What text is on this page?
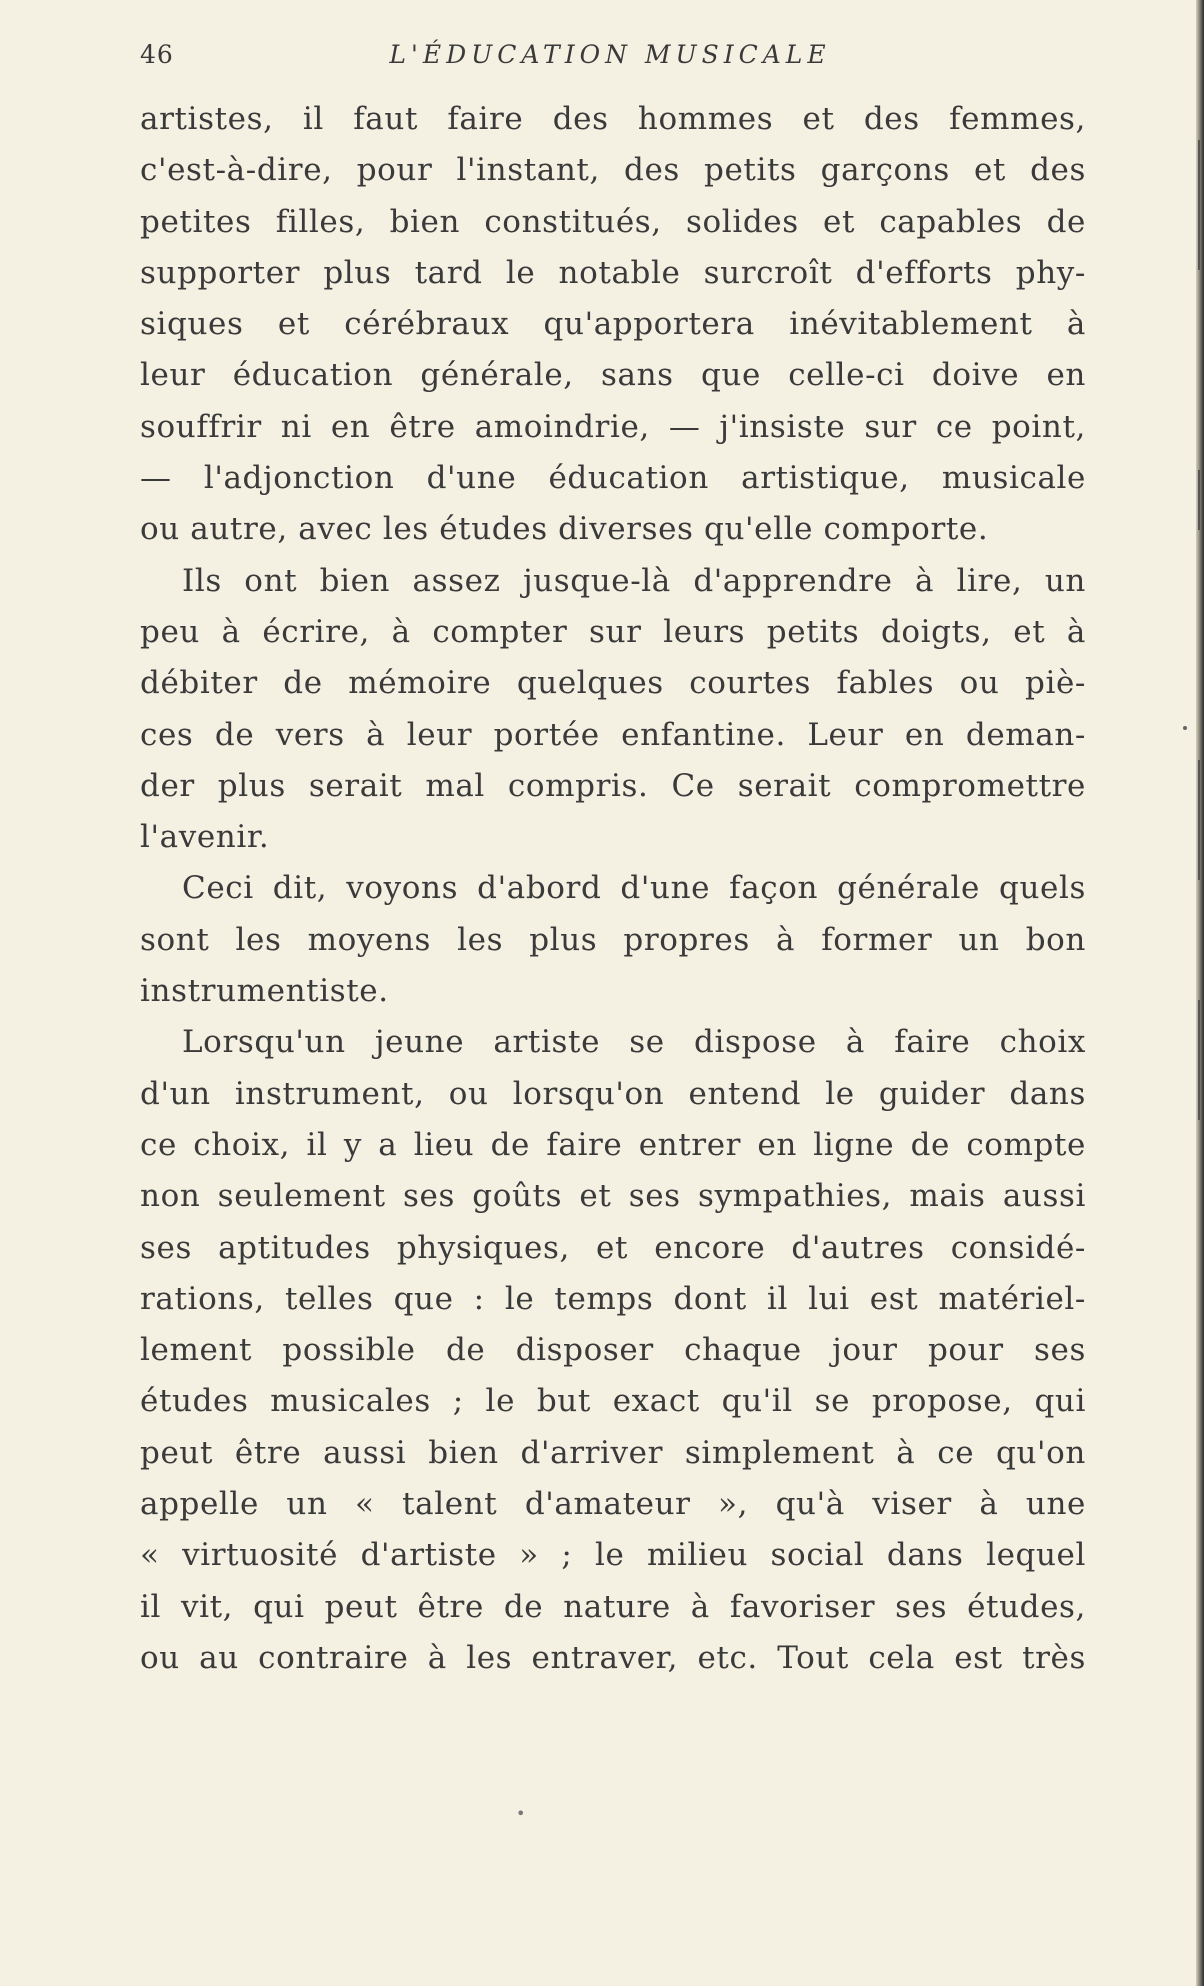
46	L'ÉDUCATION MUSICALE
artistes, il faut faire des hommes et des femmes,
c'est-à-dire, pour l'instant, des petits garçons et des
petites filles, bien constitués, solides et capables de
supporter plus tard le notable surcroît d'efforts phy-
siques et cérébraux qu'apportera inévitablement à
leur éducation générale, sans que celle-ci doive en
souffrir ni en être amoindrie, — j'insiste sur ce point,
— l'adjonction d'une éducation artistique, musicale
ou autre, avec les études diverses qu'elle comporte.
Ils ont bien assez jusque-là d'apprendre à lire, un
peu à écrire, à compter sur leurs petits doigts, et à
débiter de mémoire quelques courtes fables ou piè-
ces de vers à leur portée enfantine. Leur en deman-
der plus serait mal compris. Ce serait compromettre
l'avenir.
Ceci dit, voyons d'abord d'une façon générale quels
sont les moyens les plus propres à former un bon
instrumentiste.
Lorsqu'un jeune artiste se dispose à faire choix
d'un instrument, ou lorsqu'on entend le guider dans
ce choix, il y a lieu de faire entrer en ligne de compte
non seulement ses goûts et ses sympathies, mais aussi
ses aptitudes physiques, et encore d'autres considé-
rations, telles que : le temps dont il lui est matériel-
lement possible de disposer chaque jour pour ses
études musicales ; le but exact qu'il se propose, qui
peut être aussi bien d'arriver simplement à ce qu'on
appelle un « talent d'amateur », qu'à viser à une
« virtuosité d'artiste » ; le milieu social dans lequel
il vit, qui peut être de nature à favoriser ses études,
ou au contraire à les entraver, etc. Tout cela est très
•
